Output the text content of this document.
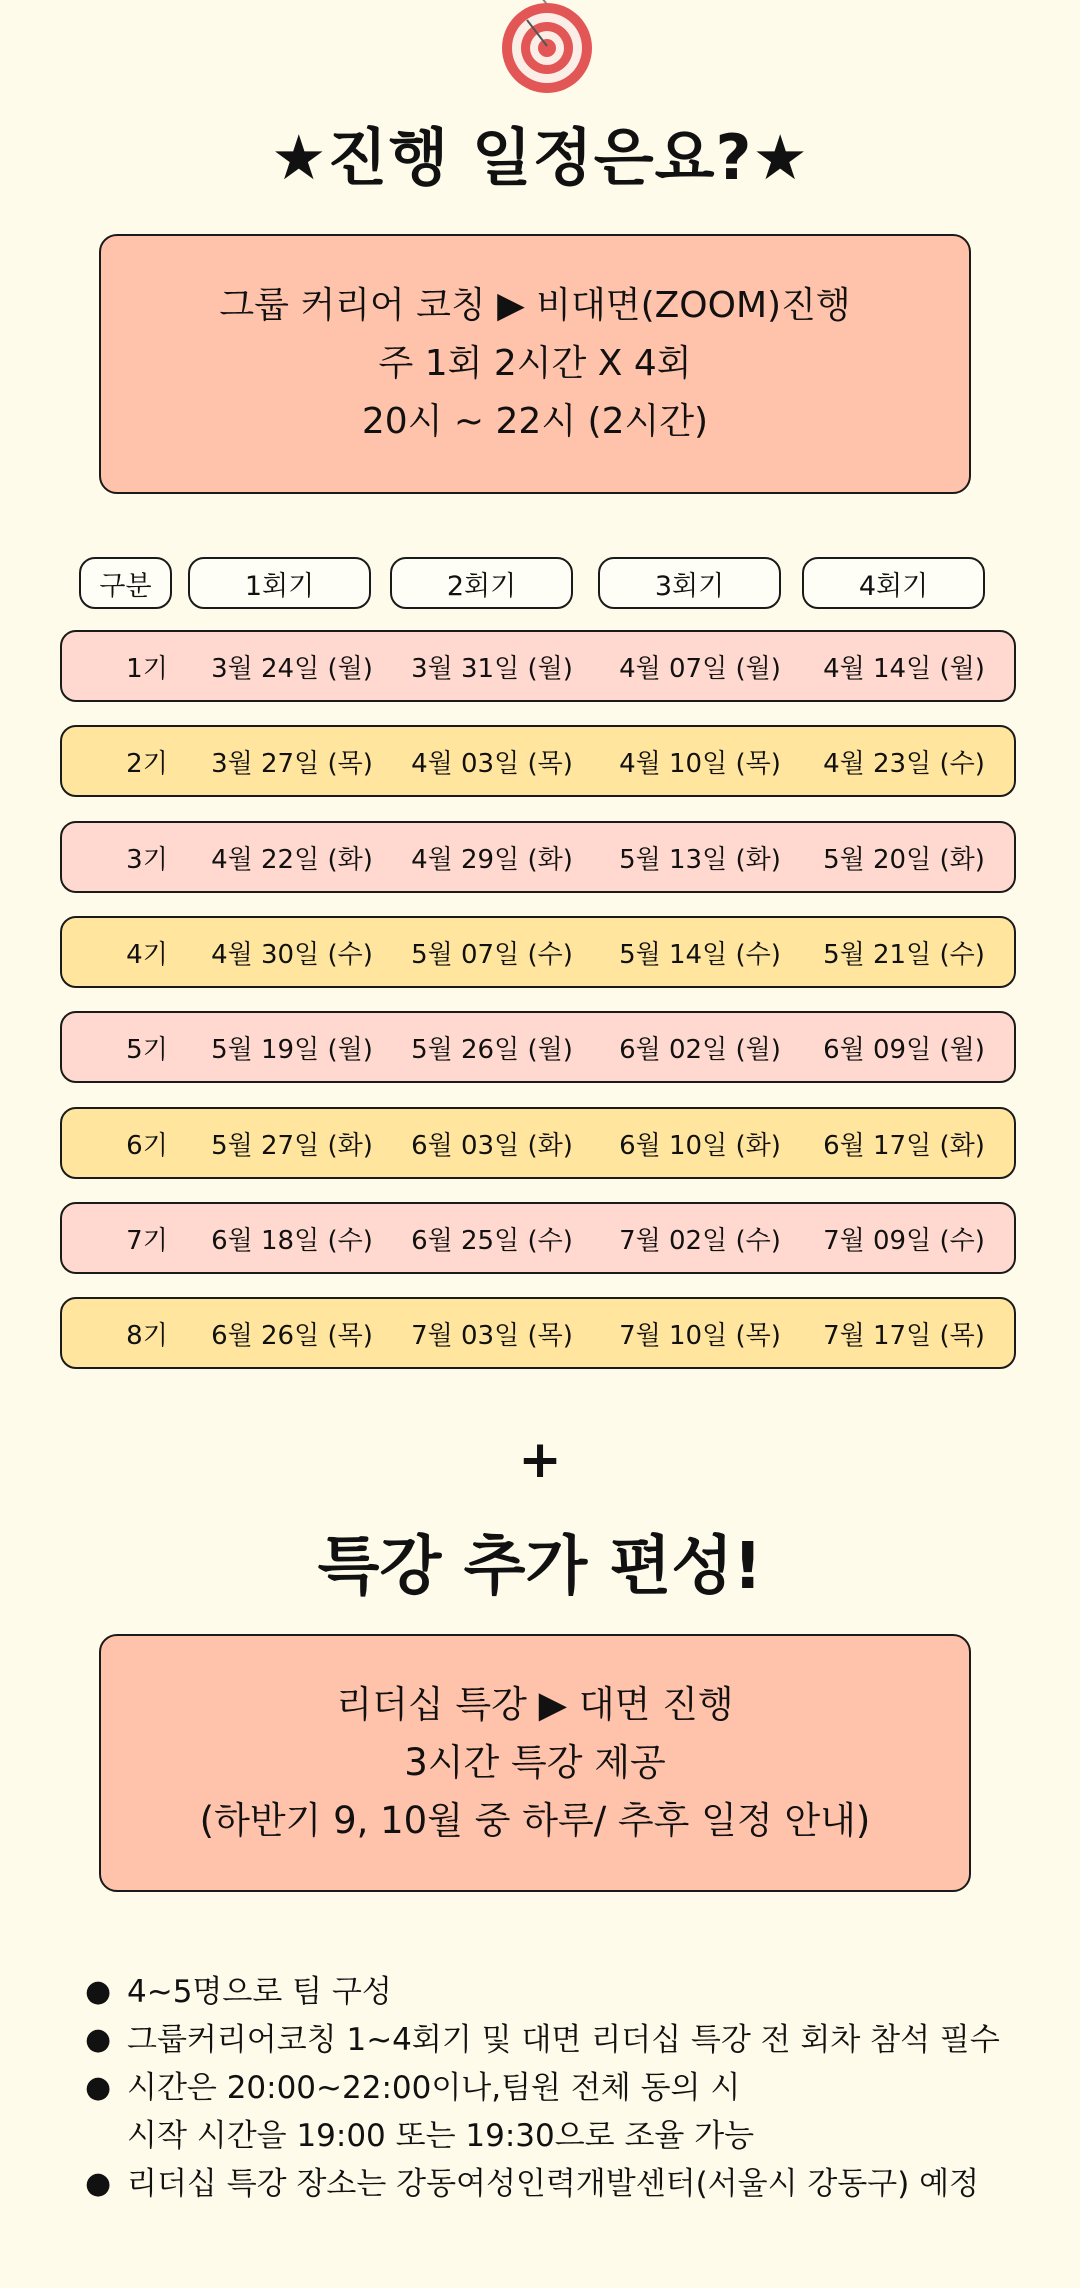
★진행 일정은요?★
그룹 커리어 코칭 ▶ 비대면(ZOOM)진행
주 1회 2시간 X 4회
20시 ~ 22시 (2시간)
구분	1회기	2회기	3회기	4회기
1기	3월 24일 (월)	3월 31일 (월)	4월 07일 (월)	4월 14일 (월)
2기	3월 27일 (목)	4월 03일 (목)	4월 10일 (목)	4월 23일 (수)
3기	4월 22일 (화)	4월 29일 (화)	5월 13일 (화)	5월 20일 (화)
4기	4월 30일 (수)	5월 07일 (수)	5월 14일 (수)	5월 21일 (수)
5기	5월 19일 (월)	5월 26일 (월)	6월 02일 (월)	6월 09일 (월)
6기	5월 27일 (화)	6월 03일 (화)	6월 10일 (화)	6월 17일 (화)
7기	6월 18일 (수)	6월 25일 (수)	7월 02일 (수)	7월 09일 (수)
8기	6월 26일 (목)	7월 03일 (목)	7월 10일 (목)	7월 17일 (목)
+
특강 추가 편성!
리더십 특강 ▶ 대면 진행
3시간 특강 제공
(하반기 9, 10월 중 하루/ 추후 일정 안내)
● 4~5명으로 팀 구성
● 그룹커리어코칭 1~4회기 및 대면 리더십 특강 전 회차 참석 필수
● 시간은 20:00~22:00이나,팀원 전체 동의 시
시작 시간을 19:00 또는 19:30으로 조율 가능
● 리더십 특강 장소는 강동여성인력개발센터(서울시 강동구) 예정
